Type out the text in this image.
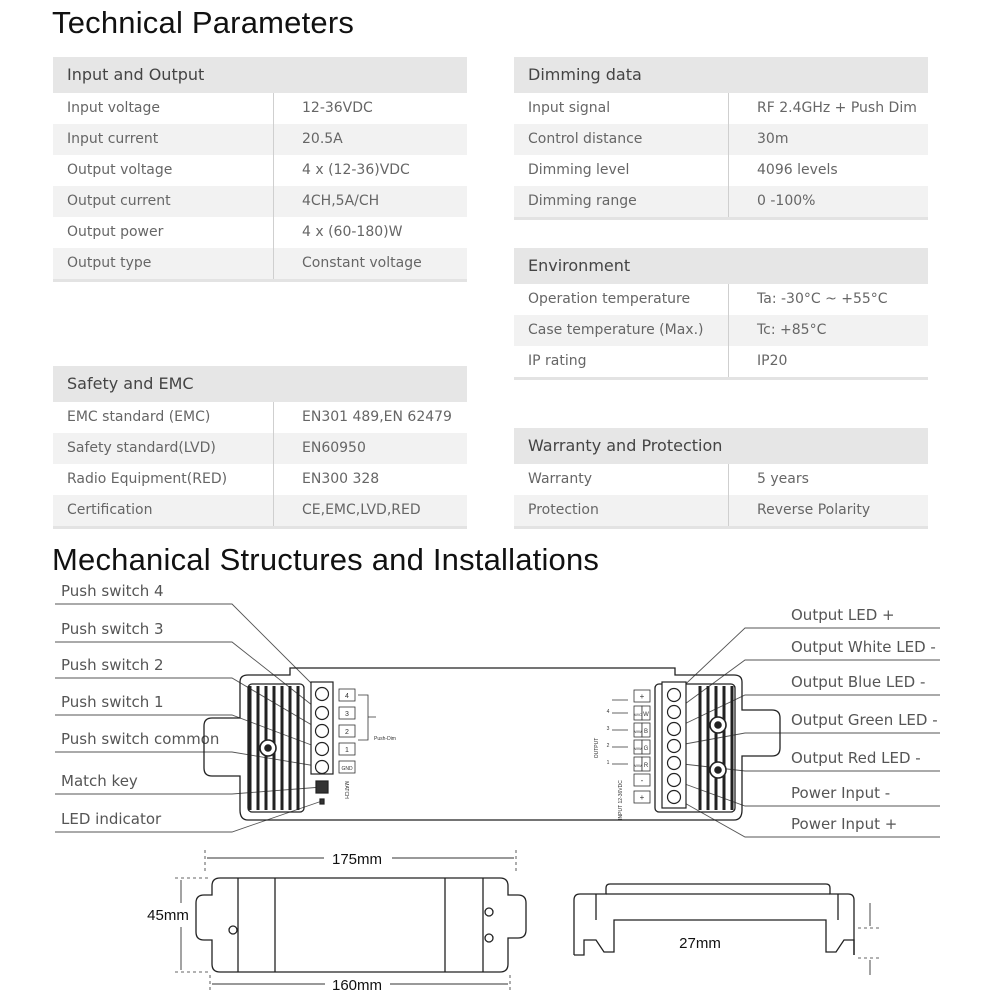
Technical Parameters
Mechanical Structures and Installations
Input and Output
Input voltage	12-36VDC
Input current	20.5A
Output voltage	4 x (12-36)VDC
Output current	4CH,5A/CH
Output power	4 x (60-180)W
Output type	Constant voltage
Safety and EMC
EMC standard (EMC)	EN301 489,EN 62479
Safety standard(LVD)	EN60950
Radio Equipment(RED)	EN300 328
Certification	CE,EMC,LVD,RED
Dimming data
Input signal	RF 2.4GHz + Push Dim
Control distance	30m
Dimming level	4096 levels
Dimming range	0 -100%
Environment
Operation temperature	Ta: -30°C ~ +55°C
Case temperature (Max.)	Tc: +85°C
IP rating	IP20
Warranty and Protection
Warranty	5 years
Protection	Reverse Polarity
Push switch 4
Push switch 3
Push switch 2
Push switch 1
Push switch common
Match key
LED indicator
Output LED +
Output White LED -
Output Blue LED -
Output Green LED -
Output Red LED -
Power Input -
Power Input +
4
3
2
1
GND
Push-Dim
MATCH
+
W
B
G
R
-
+
W/C
WW
WW
WW
4
3
2
1
OUTPUT
INPUT 12-36VDC
175mm
160mm
45mm
27mm
